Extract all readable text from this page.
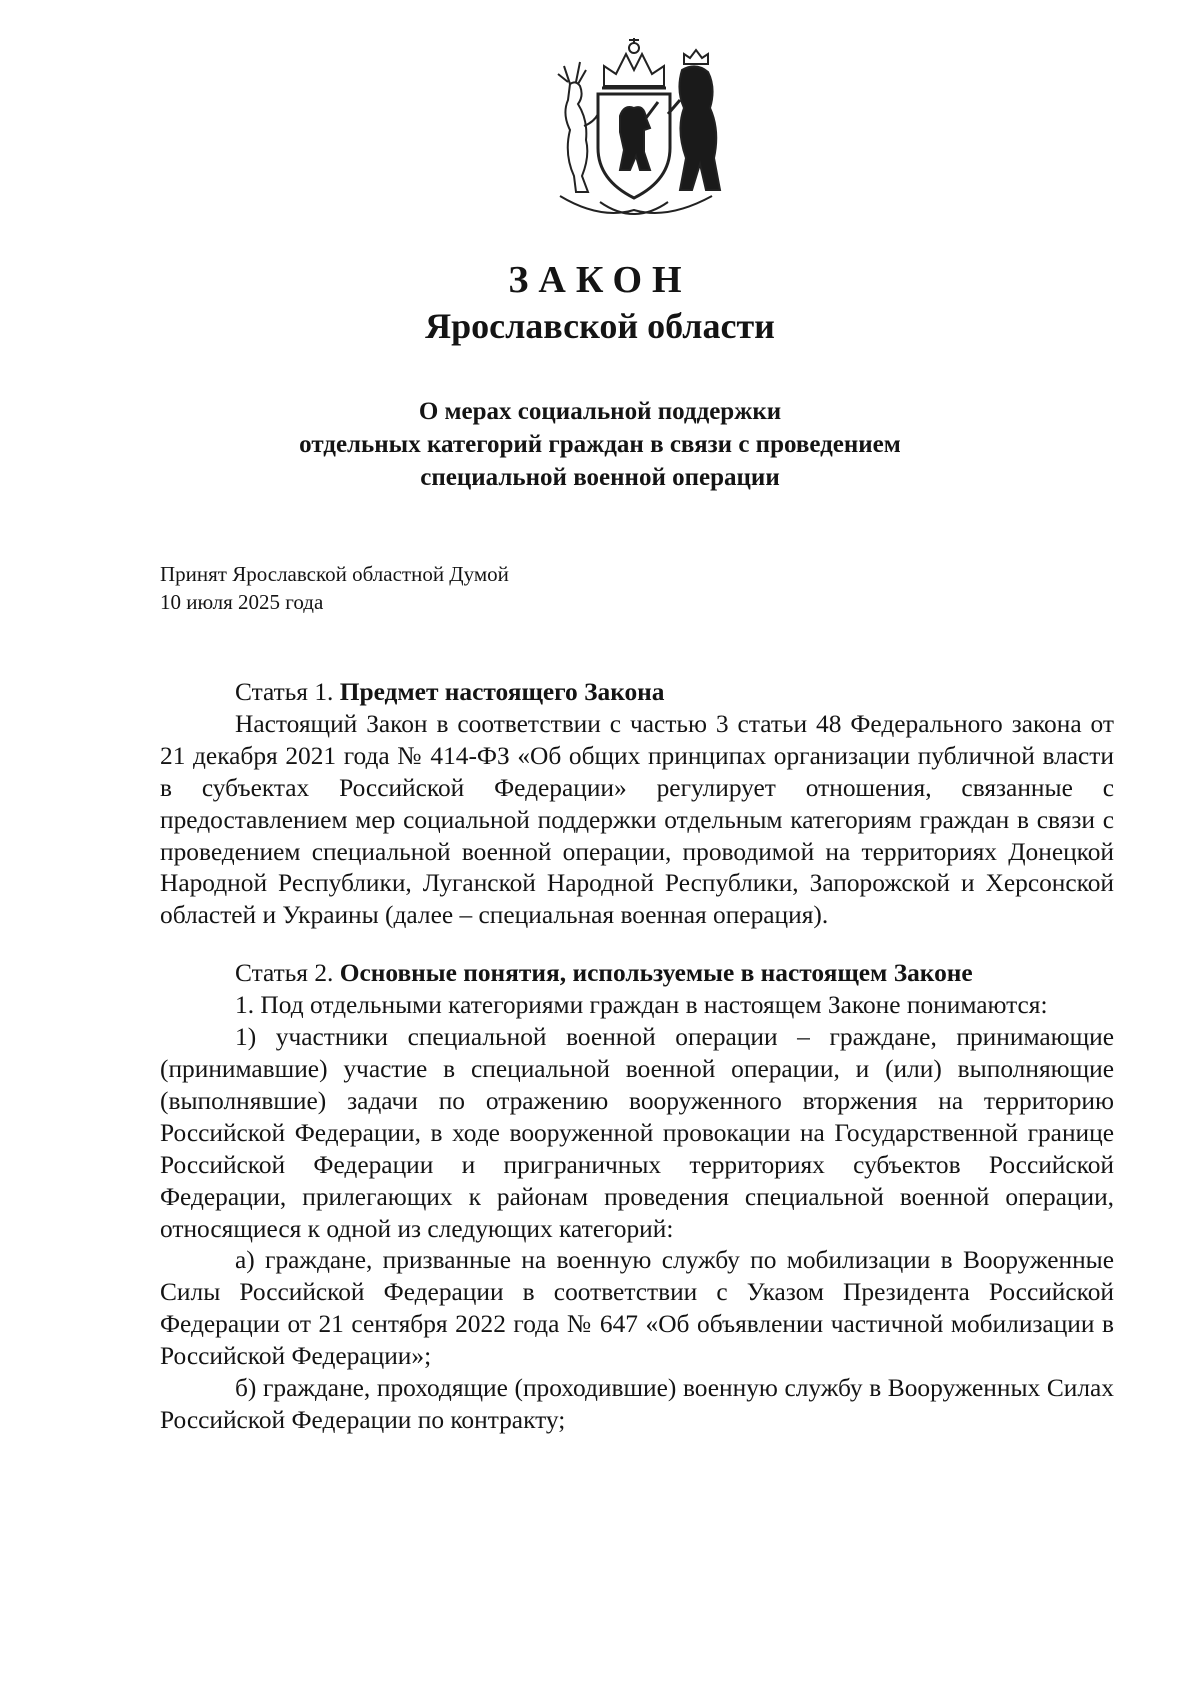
ЗАКОН
Ярославской области
О мерах социальной поддержки
отдельных категорий граждан в связи с проведением
специальной военной операции
Принят Ярославской областной Думой
10 июля 2025 года

Статья 1. Предмет настоящего Закона

Настоящий Закон в соответствии с частью 3 статьи 48 Федерального закона от 21 декабря 2021 года № 414-ФЗ «Об общих принципах организации публичной власти в субъектах Российской Федерации» регулирует отношения, связанные с предоставлением мер социальной поддержки отдельным категориям граждан в связи с проведением специальной военной операции, проводимой на территориях Донецкой Народной Республики, Луганской Народной Республики, Запорожской и Херсонской областей и Украины (далее – специальная военная операция).

Статья 2. Основные понятия, используемые в настоящем Законе

1. Под отдельными категориями граждан в настоящем Законе понимаются:

1) участники специальной военной операции – граждане, принимающие (принимавшие) участие в специальной военной операции, и (или) выполняющие (выполнявшие) задачи по отражению вооруженного вторжения на территорию Российской Федерации, в ходе вооруженной провокации на Государственной границе Российской Федерации и приграничных территориях субъектов Российской Федерации, прилегающих к районам проведения специальной военной операции, относящиеся к одной из следующих категорий:

а) граждане, призванные на военную службу по мобилизации в Вооруженные Силы Российской Федерации в соответствии с Указом Президента Российской Федерации от 21 сентября 2022 года № 647 «Об объявлении частичной мобилизации в Российской Федерации»;

б) граждане, проходящие (проходившие) военную службу в Вооруженных Силах Российской Федерации по контракту;
